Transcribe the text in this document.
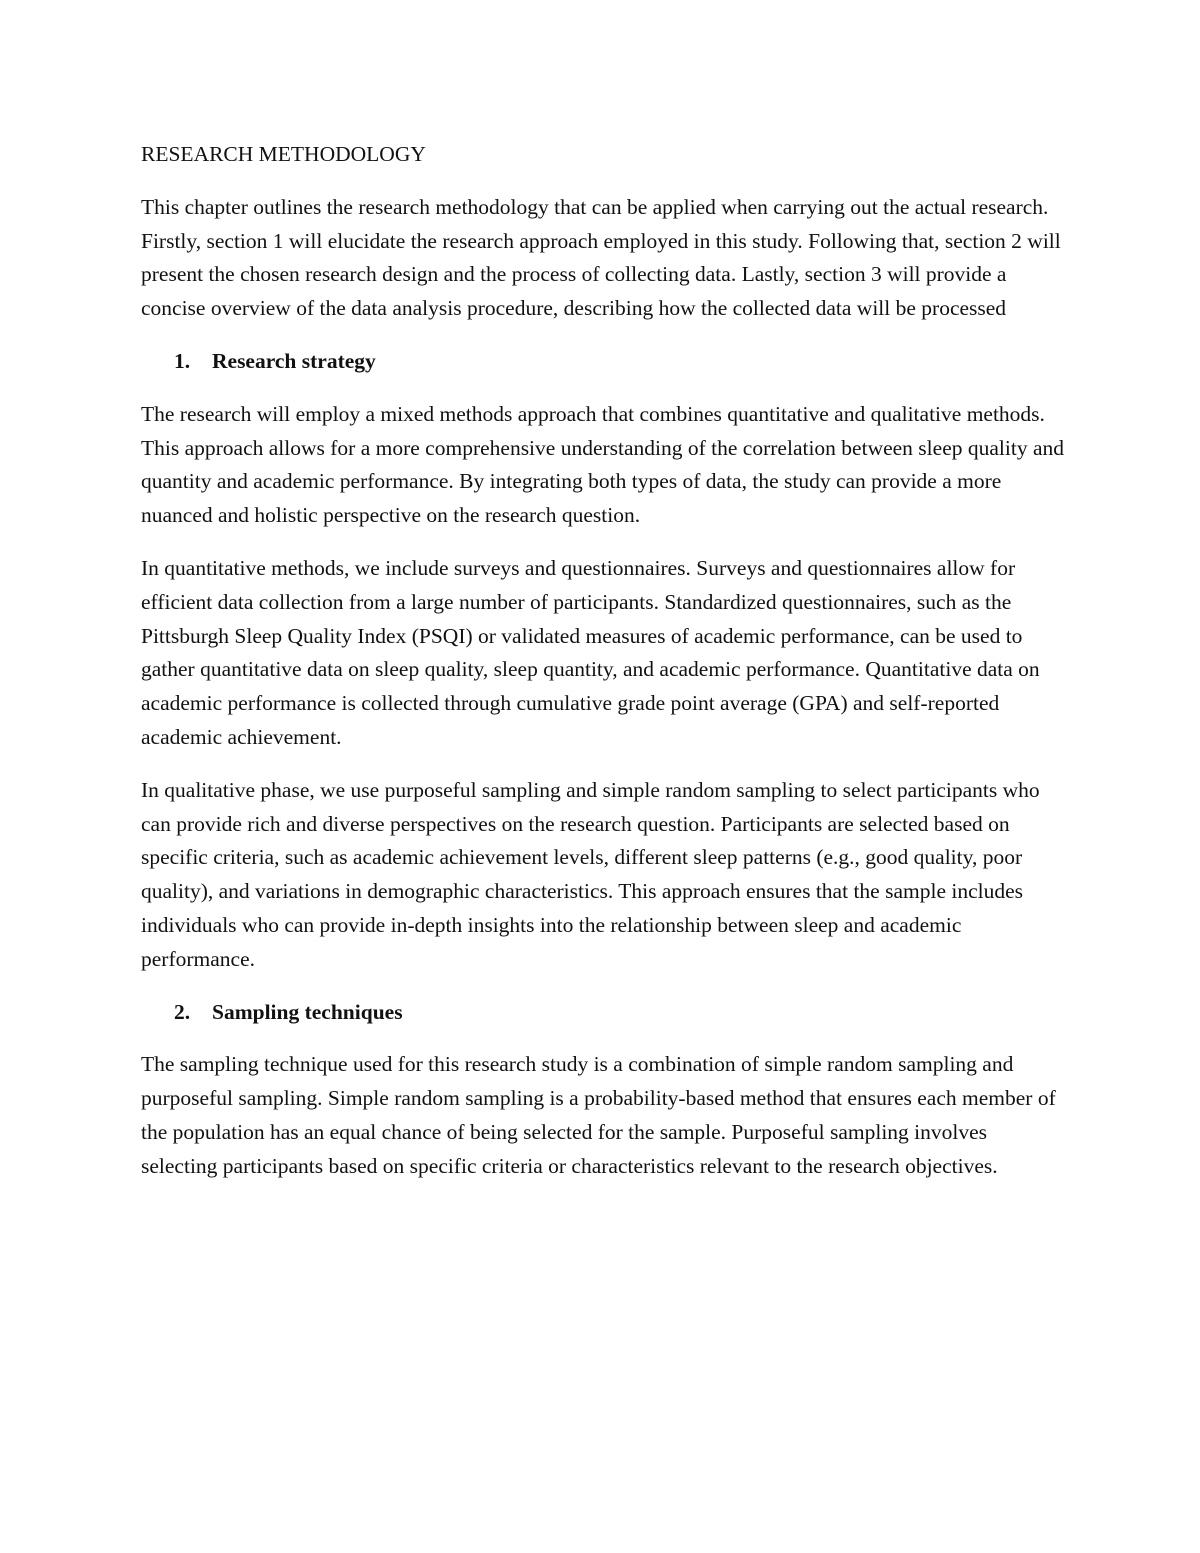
RESEARCH METHODOLOGY

This chapter outlines the research methodology that can be applied when carrying out the actual research. Firstly, section 1 will elucidate the research approach employed in this study. Following that, section 2 will present the chosen research design and the process of collecting data. Lastly, section 3 will provide a concise overview of the data analysis procedure, describing how the collected data will be processed

1.	Research strategy

The research will employ a mixed methods approach that combines quantitative and qualitative methods. This approach allows for a more comprehensive understanding of the correlation between sleep quality and quantity and academic performance. By integrating both types of data, the study can provide a more nuanced and holistic perspective on the research question.

In quantitative methods, we include surveys and questionnaires. Surveys and questionnaires allow for efficient data collection from a large number of participants. Standardized questionnaires, such as the Pittsburgh Sleep Quality Index (PSQI) or validated measures of academic performance, can be used to gather quantitative data on sleep quality, sleep quantity, and academic performance. Quantitative data on academic performance is collected through cumulative grade point average (GPA) and self-reported academic achievement.

In qualitative phase, we use purposeful sampling and simple random sampling to select participants who can provide rich and diverse perspectives on the research question. Participants are selected based on specific criteria, such as academic achievement levels, different sleep patterns (e.g., good quality, poor quality), and variations in demographic characteristics. This approach ensures that the sample includes individuals who can provide in-depth insights into the relationship between sleep and academic performance.

2.	Sampling techniques

The sampling technique used for this research study is a combination of simple random sampling and purposeful sampling. Simple random sampling is a probability-based method that ensures each member of the population has an equal chance of being selected for the sample. Purposeful sampling involves selecting participants based on specific criteria or characteristics relevant to the research objectives.
